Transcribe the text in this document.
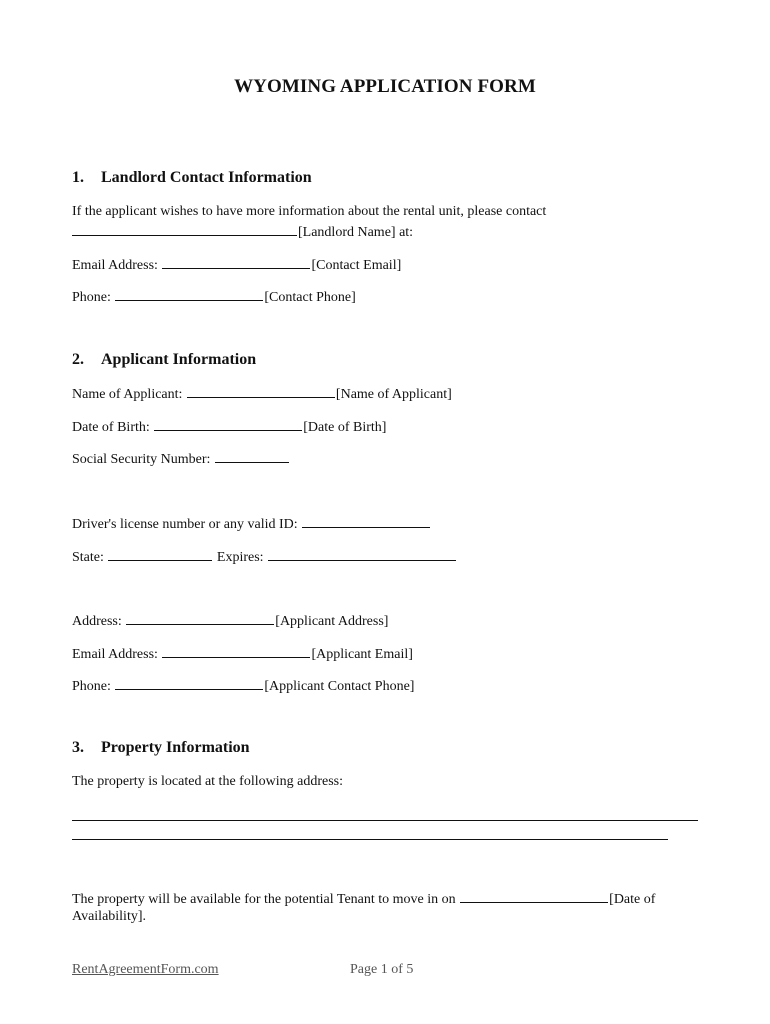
WYOMING APPLICATION FORM
1. Landlord Contact Information
If the applicant wishes to have more information about the rental unit, please contact
[Landlord Name] at:
Email Address:	[Contact Email]
Phone:	[Contact Phone]
2. Applicant Information
Name of Applicant:	[Name of Applicant]
Date of Birth:	[Date of Birth]
Social Security Number:
Driver's license number or any valid ID:
State:	Expires:
Address:	[Applicant Address]
Email Address:	[Applicant Email]
Phone:	[Applicant Contact Phone]
3. Property Information
The property is located at the following address:
The property will be available for the potential Tenant to move in on	[Date of
Availability].
RentAgreementForm.com	Page 1 of 5
